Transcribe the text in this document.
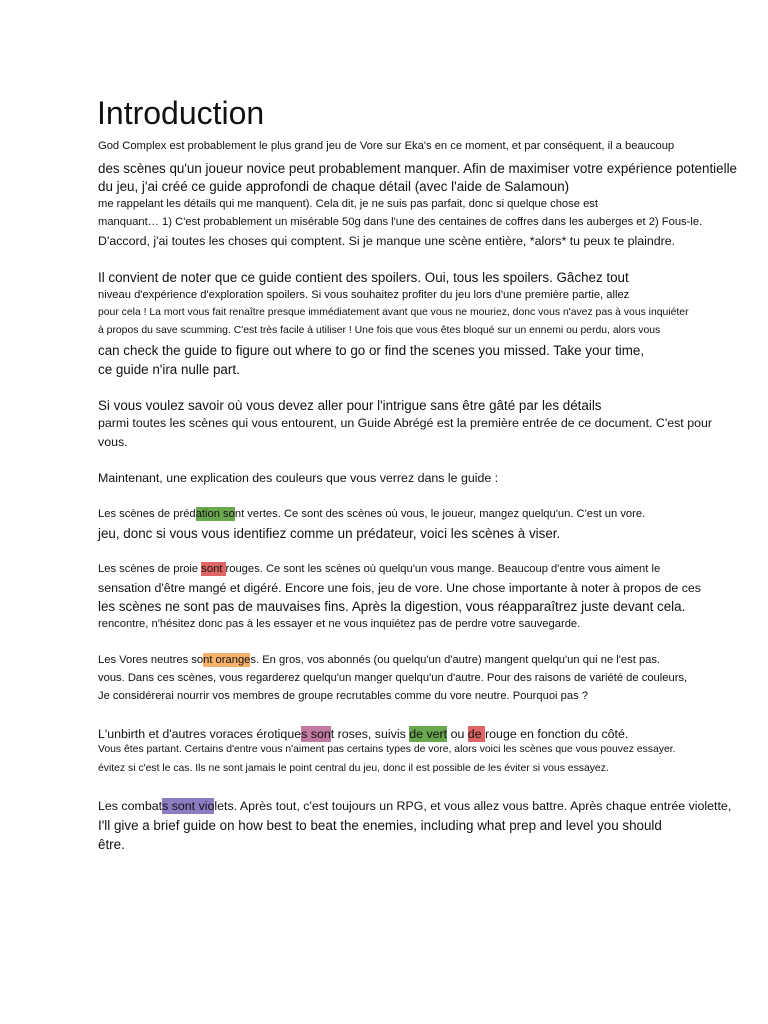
Introduction
God Complex est probablement le plus grand jeu de Vore sur Eka's en ce moment, et par conséquent, il a beaucoup
des scènes qu'un joueur novice peut probablement manquer. Afin de maximiser votre expérience potentielle
du jeu, j'ai créé ce guide approfondi de chaque détail (avec l'aide de Salamoun)
me rappelant les détails qui me manquent). Cela dit, je ne suis pas parfait, donc si quelque chose est
manquant… 1) C'est probablement un misérable 50g dans l'une des centaines de coffres dans les auberges et 2) Fous-le.
D'accord, j'ai toutes les choses qui comptent. Si je manque une scène entière, *alors* tu peux te plaindre.
Il convient de noter que ce guide contient des spoilers. Oui, tous les spoilers. Gâchez tout
niveau d'expérience d'exploration spoilers. Si vous souhaitez profiter du jeu lors d'une première partie, allez
pour cela ! La mort vous fait renaître presque immédiatement avant que vous ne mouriez, donc vous n'avez pas à vous inquiéter
à propos du save scumming. C'est très facile à utiliser ! Une fois que vous êtes bloqué sur un ennemi ou perdu, alors vous
can check the guide to figure out where to go or find the scenes you missed. Take your time,
ce guide n'ira nulle part.
Si vous voulez savoir où vous devez aller pour l'intrigue sans être gâté par les détails
parmi toutes les scènes qui vous entourent, un Guide Abrégé est la première entrée de ce document. C'est pour
vous.
Maintenant, une explication des couleurs que vous verrez dans le guide :
Les scènes de prédation sont vertes. Ce sont des scènes où vous, le joueur, mangez quelqu'un. C'est un vore.
jeu, donc si vous vous identifiez comme un prédateur, voici les scènes à viser.
Les scènes de proie sont rouges. Ce sont les scènes où quelqu'un vous mange. Beaucoup d'entre vous aiment le
sensation d'être mangé et digéré. Encore une fois, jeu de vore. Une chose importante à noter à propos de ces
les scènes ne sont pas de mauvaises fins. Après la digestion, vous réapparaîtrez juste devant cela.
rencontre, n'hésitez donc pas à les essayer et ne vous inquiétez pas de perdre votre sauvegarde.
Les Vores neutres sont oranges. En gros, vos abonnés (ou quelqu'un d'autre) mangent quelqu'un qui ne l'est pas.
vous. Dans ces scènes, vous regarderez quelqu'un manger quelqu'un d'autre. Pour des raisons de variété de couleurs,
Je considérerai nourrir vos membres de groupe recrutables comme du vore neutre. Pourquoi pas ?
L'unbirth et d'autres voraces érotiques sont roses, suivis de vert ou de rouge en fonction du côté.
Vous êtes partant. Certains d'entre vous n'aiment pas certains types de vore, alors voici les scènes que vous pouvez essayer.
évitez si c'est le cas. Ils ne sont jamais le point central du jeu, donc il est possible de les éviter si vous essayez.
Les combats sont violets. Après tout, c'est toujours un RPG, et vous allez vous battre. Après chaque entrée violette,
I'll give a brief guide on how best to beat the enemies, including what prep and level you should
être.
